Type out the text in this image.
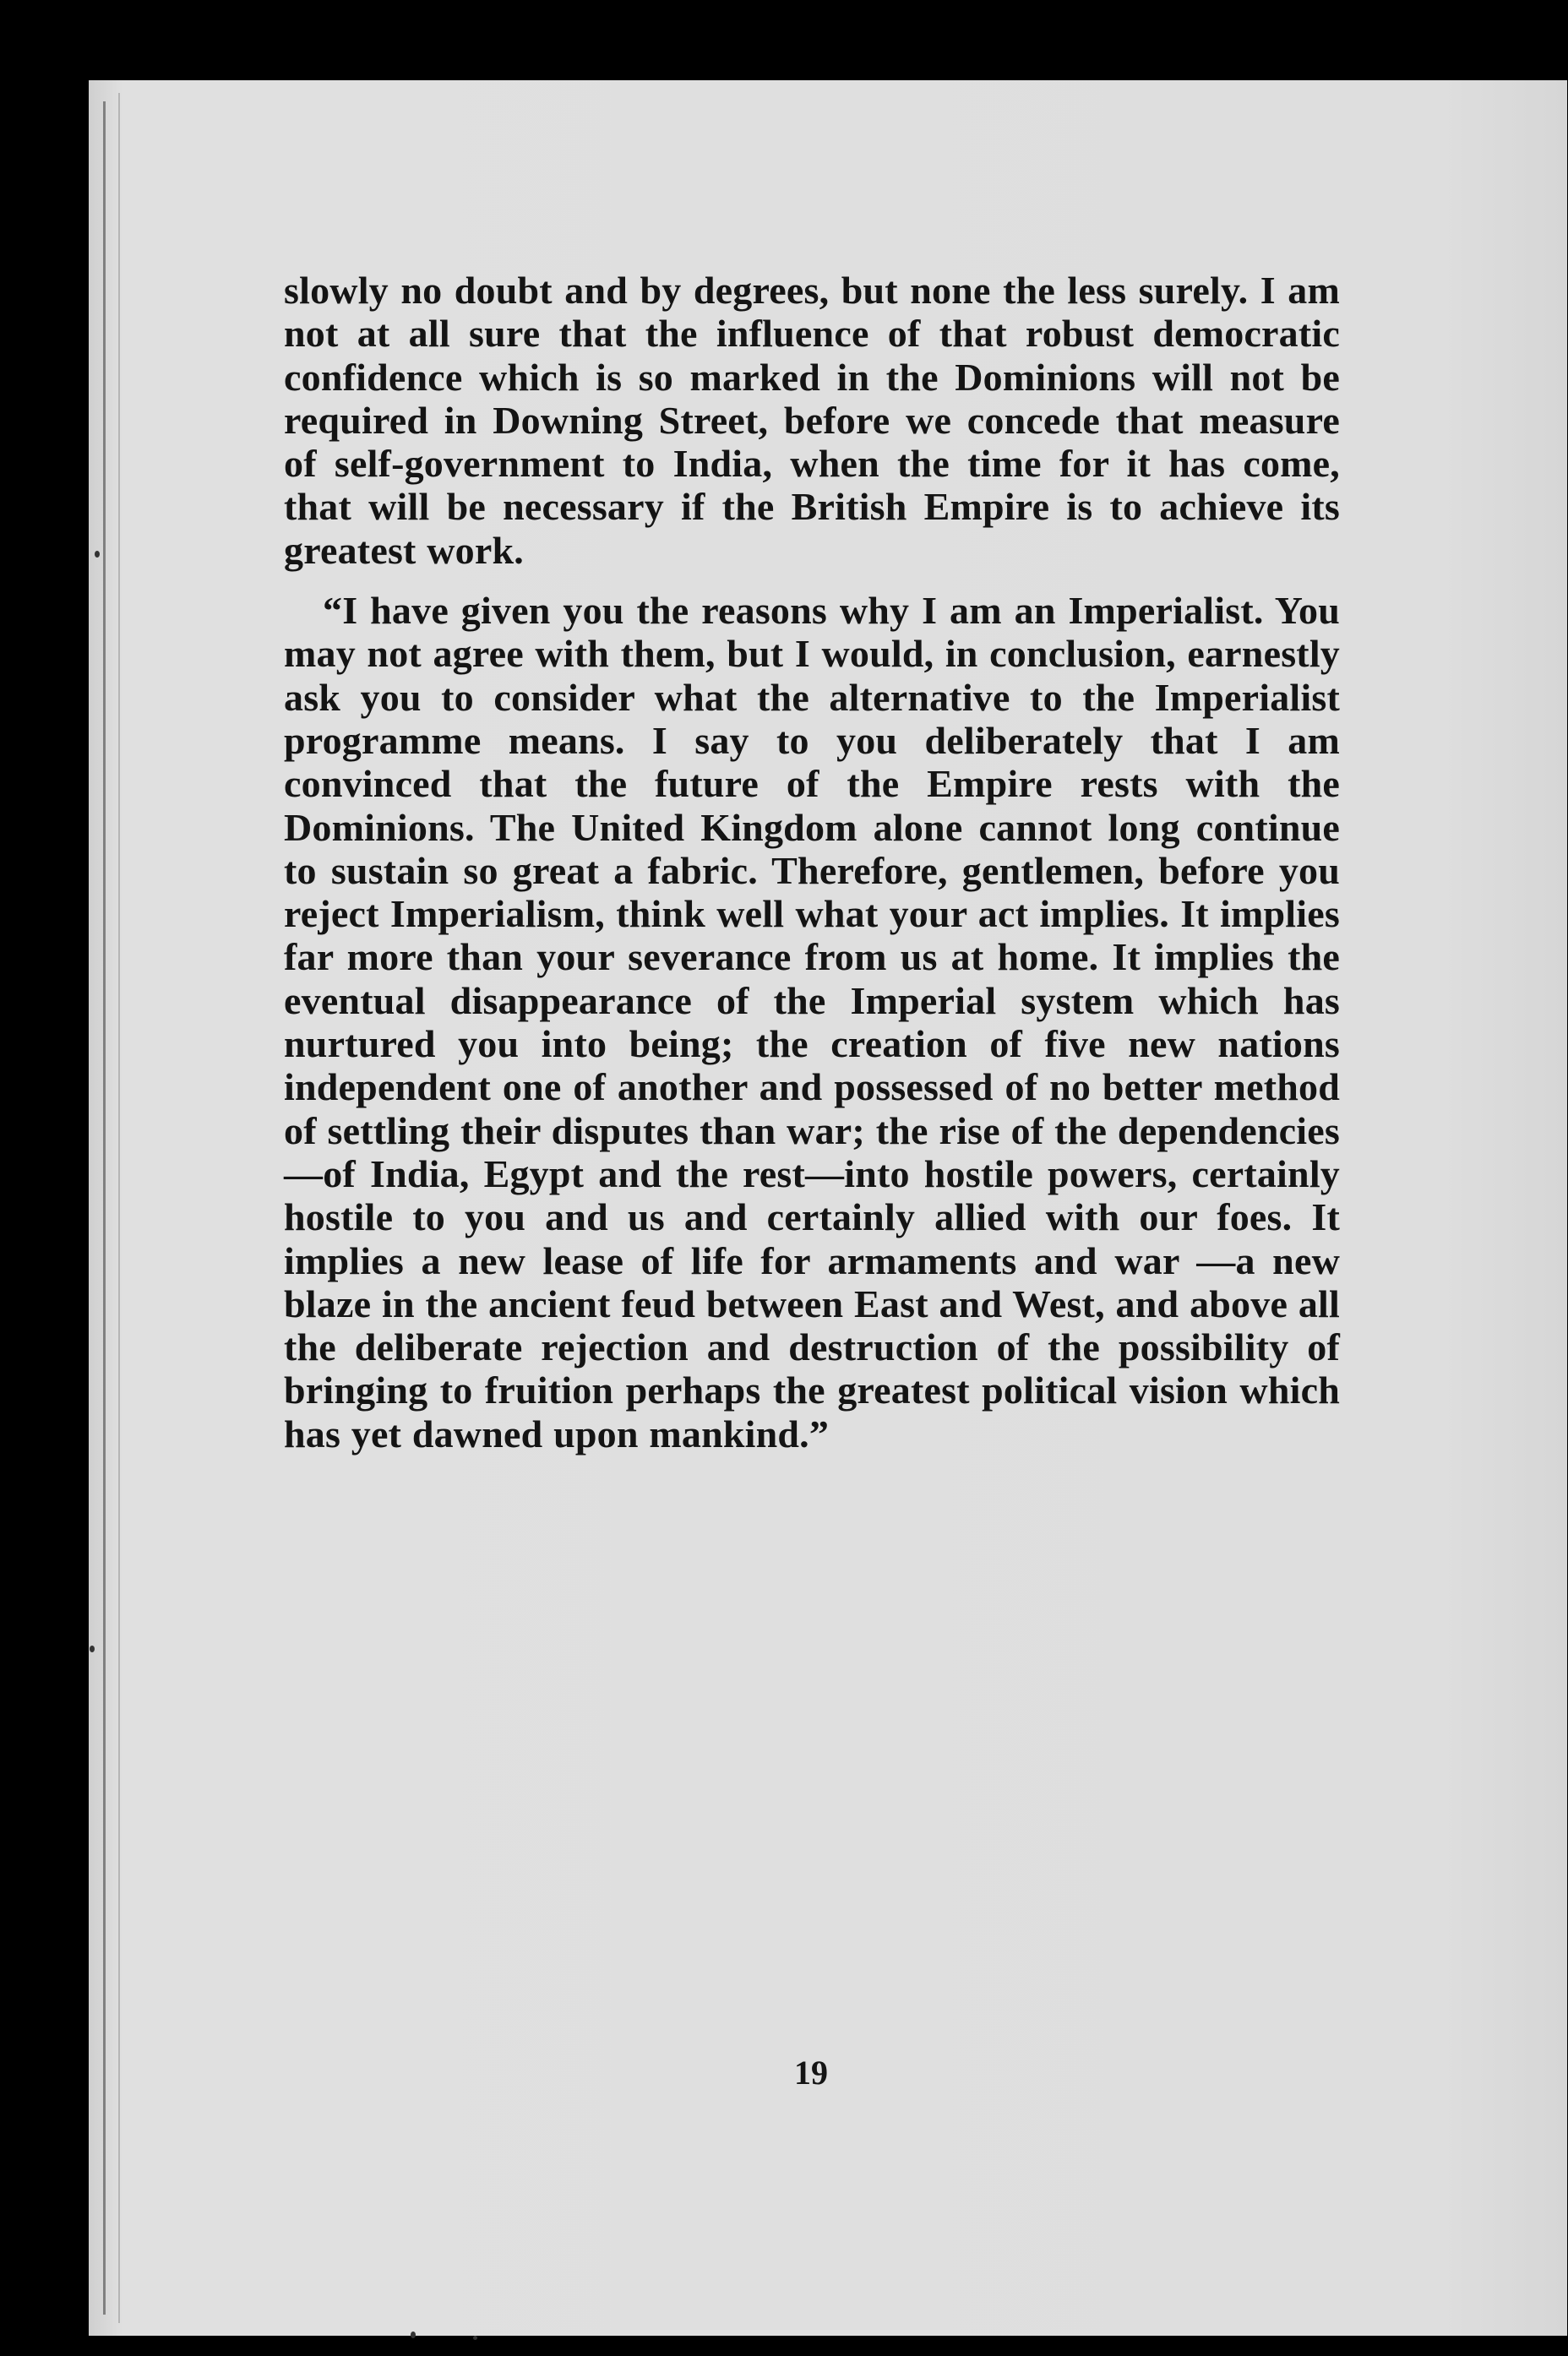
slowly no doubt and by degrees, but none the less surely. I am not at all sure that the influence of that robust democratic confidence which is so marked in the Dominions will not be required in Downing Street, before we concede that measure of self-government to India, when the time for it has come, that will be necessary if the British Empire is to achieve its greatest work.

“I have given you the reasons why I am an Imperialist. You may not agree with them, but I would, in conclusion, earnestly ask you to consider what the alternative to the Imperialist programme means. I say to you deliberately that I am convinced that the future of the Empire rests with the Dominions. The United Kingdom alone cannot long continue to sustain so great a fabric. Therefore, gentlemen, before you reject Imperialism, think well what your act implies. It implies far more than your severance from us at home. It implies the eventual disappearance of the Imperial system which has nurtured you into being; the creation of five new nations independent one of another and possessed of no better method of settling their disputes than war; the rise of the dependencies—of India, Egypt and the rest—into hostile powers, certainly hostile to you and us and certainly allied with our foes. It implies a new lease of life for armaments and war —a new blaze in the ancient feud between East and West, and above all the deliberate rejection and destruction of the possibility of bringing to fruition perhaps the greatest political vision which has yet dawned upon mankind.”

19
